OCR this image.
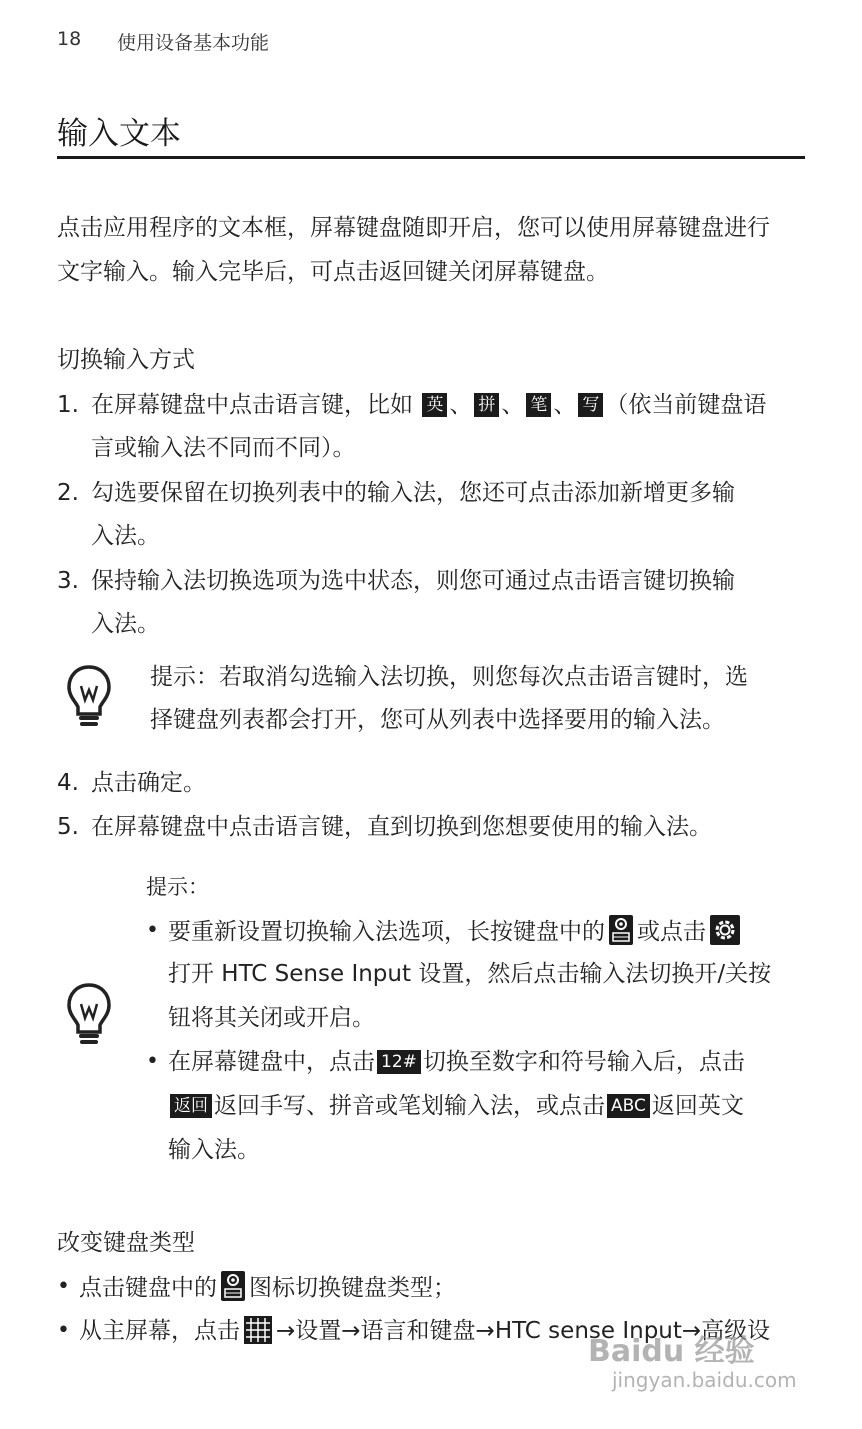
18 使用设备基本功能
输入文本
点击应用程序的文本框，屏幕键盘随即开启，您可以使用屏幕键盘进行
文字输入。输入完毕后，可点击返回键关闭屏幕键盘。
切换输入方式
1. 在屏幕键盘中点击语言键，比如 英 、 拼 、 笔 、 写 （依当前键盘语
言或输入法不同而不同）。
2. 勾选要保留在切换列表中的输入法，您还可点击添加新增更多输
入法。
3. 保持输入法切换选项为选中状态，则您可通过点击语言键切换输
入法。
提示：若取消勾选输入法切换，则您每次点击语言键时，选
择键盘列表都会打开，您可从列表中选择要用的输入法。
4. 点击确定。
5. 在屏幕键盘中点击语言键，直到切换到您想要使用的输入法。
提示：
• 要重新设置切换输入法选项，长按键盘中的 或点击
打开 HTC Sense Input 设置，然后点击输入法切换开/关按
钮将其关闭或开启。
• 在屏幕键盘中，点击 12# 切换至数字和符号输入后，点击
返回 返回手写、拼音或笔划输入法，或点击 ABC 返回英文
输入法。
改变键盘类型
• 点击键盘中的 图标切换键盘类型；
• 从主屏幕，点击 →设置→语言和键盘→HTC sense Input→高级设
Baidu 经验
jingyan.baidu.com
